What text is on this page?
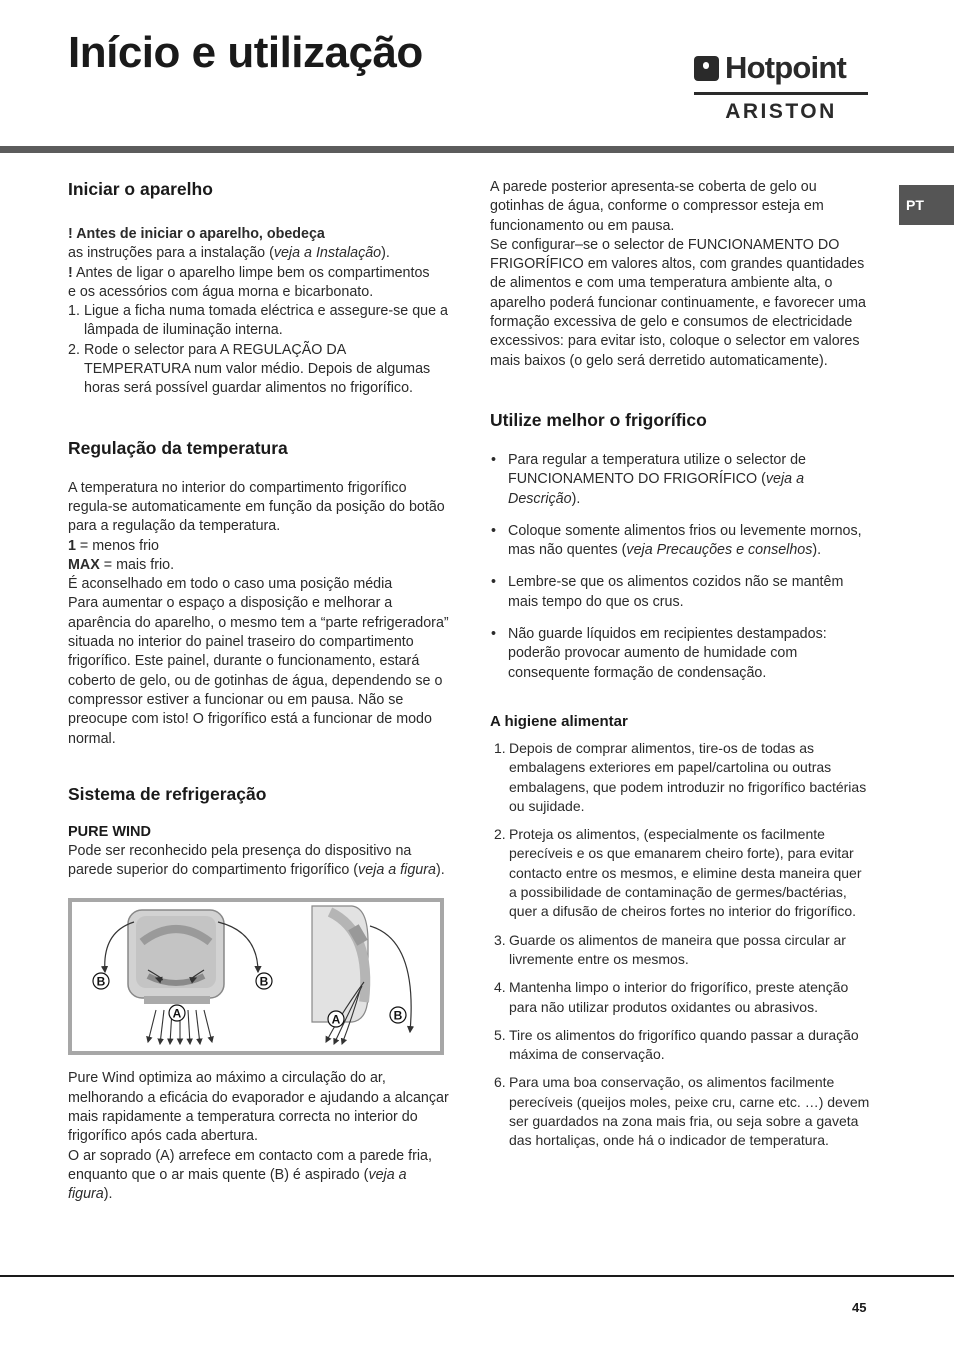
Início e utilização	Hotpoint
ARISTON
PT
Iniciar o aparelho

! Antes de iniciar o aparelho, obedeça
as instruções para a instalação (veja a Instalação).

! Antes de ligar o aparelho limpe bem os compartimentos
e os acessórios com água morna e bicarbonato.

1. Ligue a ficha numa tomada eléctrica e assegure-se que a lâmpada de iluminação interna.
2. Rode o selector para A REGULAÇÃO DA TEMPERATURA num valor médio. Depois de algumas horas será possível guardar alimentos no frigorífico.
Regulação da temperatura

A temperatura no interior do compartimento frigorífico regula-se automaticamente em função da posição do botão para a regulação da temperatura.

1 = menos frio

MAX = mais frio.

É aconselhado em todo o caso uma posição média

Para aumentar o espaço a disposição e melhorar a aparência do aparelho, o mesmo tem a “parte refrigeradora” situada no interior do painel traseiro do compartimento frigorífico. Este painel, durante o funcionamento, estará coberto de gelo, ou de gotinhas de água, dependendo se o compressor estiver a funcionar ou em pausa. Não se preocupe com isto! O frigorífico está a funcionar de modo normal.

Sistema de refrigeração
PURE WIND

Pode ser reconhecido pela presença do dispositivo na parede superior do compartimento frigorífico (veja a figura).

B	B
A	A	B

Pure Wind optimiza ao máximo a circulação do ar, melhorando a eficácia do evaporador e ajudando a alcançar mais rapidamente a temperatura correcta no interior do frigorífico após cada abertura.

O ar soprado (A) arrefece em contacto com a parede fria, enquanto que o ar mais quente (B) é aspirado (veja a figura).

A parede posterior apresenta-se coberta de gelo ou gotinhas de água, conforme o compressor esteja em funcionamento ou em pausa.

Se configurar–se o selector de FUNCIONAMENTO DO FRIGORÍFICO em valores altos, com grandes quantidades de alimentos e com uma temperatura ambiente alta, o aparelho poderá funcionar continuamente, e favorecer uma formação excessiva de gelo e consumos de electricidade excessivos: para evitar isto, coloque o selector em valores mais baixos (o gelo será derretido automaticamente).

Utilize melhor o frigorífico
• Para regular a temperatura utilize o selector de FUNCIONAMENTO DO FRIGORÍFICO (veja a Descrição).
• Coloque somente alimentos frios ou levemente mornos, mas não quentes (veja Precauções e conselhos).
• Lembre-se que os alimentos cozidos não se mantêm mais tempo do que os crus.
• Não guarde líquidos em recipientes destampados: poderão provocar aumento de humidade com consequente formação de condensação.
A higiene alimentar
1. Depois de comprar alimentos, tire-os de todas as embalagens exteriores em papel/cartolina ou outras embalagens, que podem introduzir no frigorífico bactérias ou sujidade.
2. Proteja os alimentos, (especialmente os facilmente perecíveis e os que emanarem cheiro forte), para evitar contacto entre os mesmos, e elimine desta maneira quer a possibilidade de contaminação de germes/bactérias, quer a difusão de cheiros fortes no interior do frigorífico.
3. Guarde os alimentos de maneira que possa circular ar livremente entre os mesmos.
4. Mantenha limpo o interior do frigorífico, preste atenção para não utilizar produtos oxidantes ou abrasivos.
5. Tire os alimentos do frigorífico quando passar a duração máxima de conservação.
6. Para uma boa conservação, os alimentos facilmente perecíveis (queijos moles, peixe cru, carne etc. …) devem ser guardados na zona mais fria, ou seja sobre a gaveta das hortaliças, onde há o indicador de temperatura.
45
